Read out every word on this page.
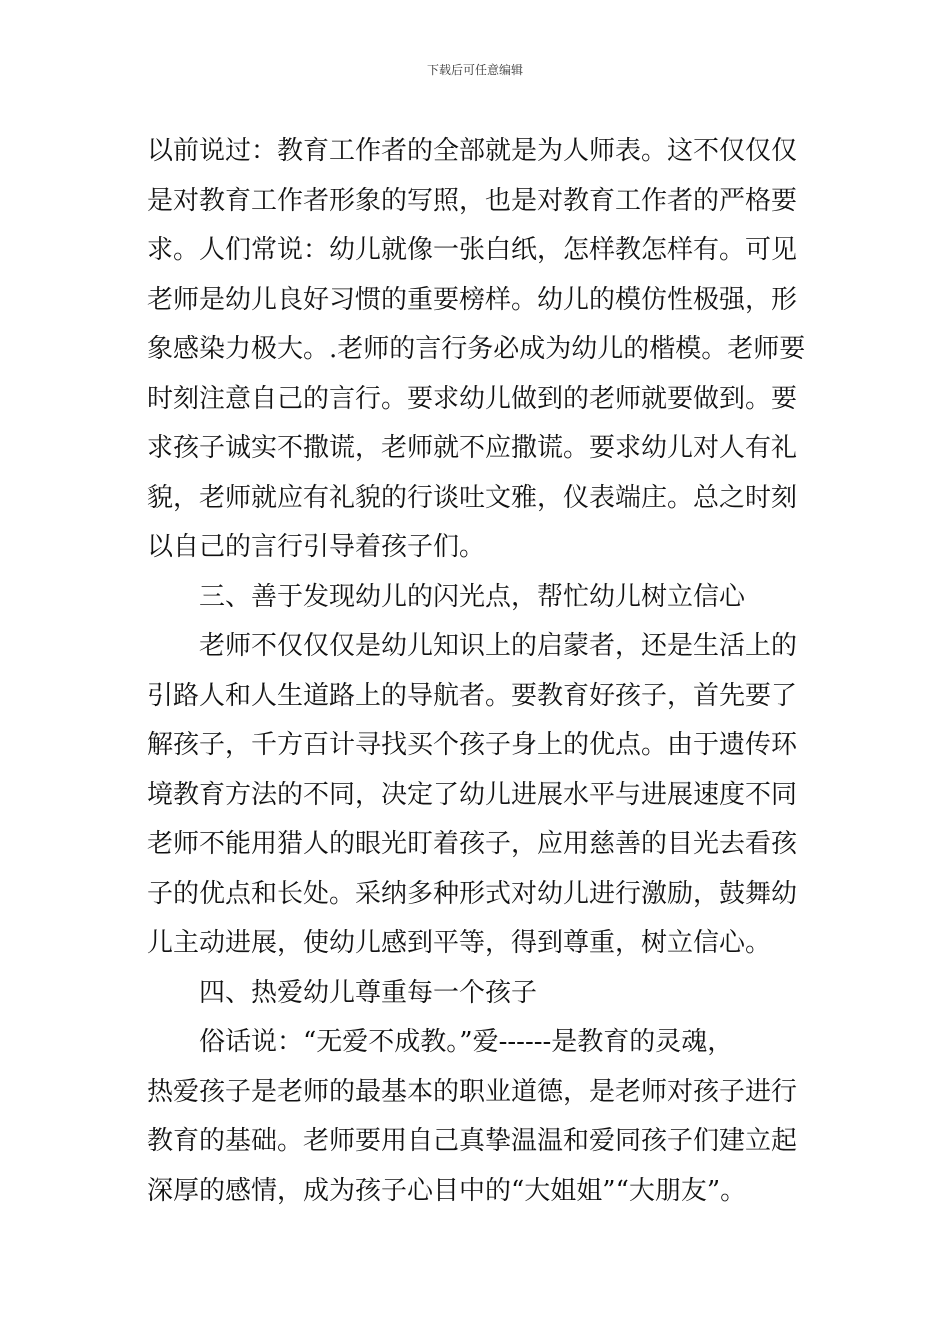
下载后可任意编辑
以前说过：教育工作者的全部就是为人师表。这不仅仅仅
是对教育工作者形象的写照，也是对教育工作者的严格要
求。人们常说：幼儿就像一张白纸，怎样教怎样有。可见
老师是幼儿良好习惯的重要榜样。幼儿的模仿性极强，形
象感染力极大。.老师的言行务必成为幼儿的楷模。老师要
时刻注意自己的言行。要求幼儿做到的老师就要做到。要
求孩子诚实不撒谎，老师就不应撒谎。要求幼儿对人有礼
貌，老师就应有礼貌的行谈吐文雅，仪表端庄。总之时刻
以自己的言行引导着孩子们。
三、善于发现幼儿的闪光点，帮忙幼儿树立信心
老师不仅仅仅是幼儿知识上的启蒙者，还是生活上的
引路人和人生道路上的导航者。要教育好孩子，首先要了
解孩子，千方百计寻找买个孩子身上的优点。由于遗传环
境教育方法的不同，决定了幼儿进展水平与进展速度不同
老师不能用猎人的眼光盯着孩子，应用慈善的目光去看孩
子的优点和长处。采纳多种形式对幼儿进行激励，鼓舞幼
儿主动进展，使幼儿感到平等，得到尊重，树立信心。
四、热爱幼儿尊重每一个孩子
俗话说：“无爱不成教。”爱------是教育的灵魂，
热爱孩子是老师的最基本的职业道德，是老师对孩子进行
教育的基础。老师要用自己真挚温温和爱同孩子们建立起
深厚的感情，成为孩子心目中的“大姐姐”“大朋友”。
